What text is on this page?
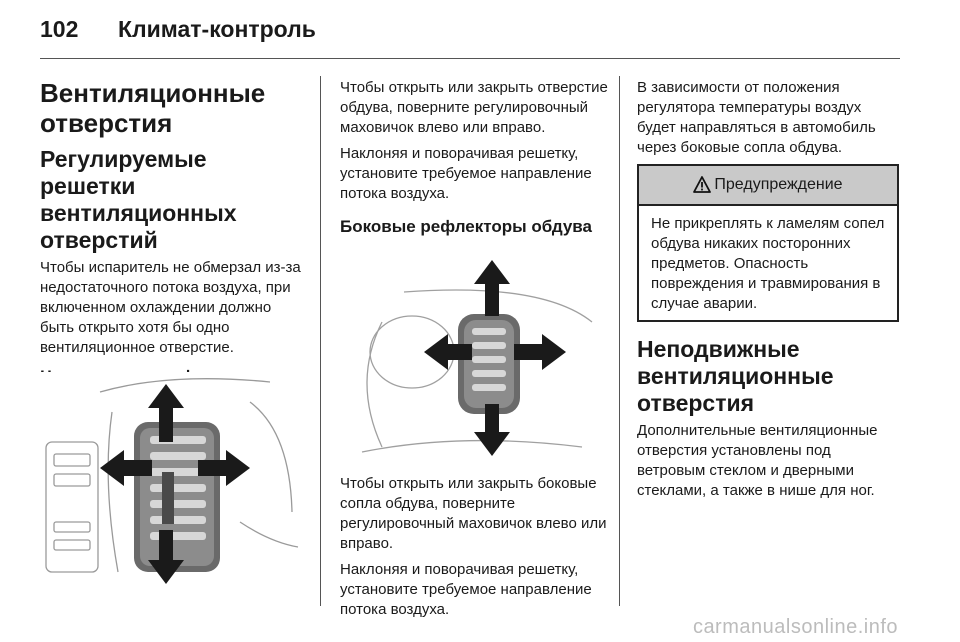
102 Климат-контроль
Вентиляционные отверстия
Регулируемые решетки вентиляционных отверстий

Чтобы испаритель не обмерзал из-за недостаточного потока воздуха, при включенном охлаждении должно быть открыто хотя бы одно вентиляционное отверстие.

Чтобы открыть или закрыть отверстие обдува, поверните регулировочный маховичок влево или вправо.

Наклоняя и поворачивая решетку, установите требуемое направление потока воздуха.

Боковые рефлекторы обдува

Чтобы открыть или закрыть боковые сопла обдува, поверните регулировочный маховичок влево или вправо.

Наклоняя и поворачивая решетку, установите требуемое направление потока воздуха.

В зависимости от положения регулятора температуры воздух будет направляться в автомобиль через боковые сопла обдува.

Предупреждение

Не прикреплять к ламелям сопел обдува никаких посторонних предметов. Опасность повреждения и травмирования в случае аварии.

Неподвижные вентиляционные отверстия

Дополнительные вентиляционные отверстия установлены под ветровым стеклом и дверными стеклами, а также в нише для ног.

carmanualsonline.info
